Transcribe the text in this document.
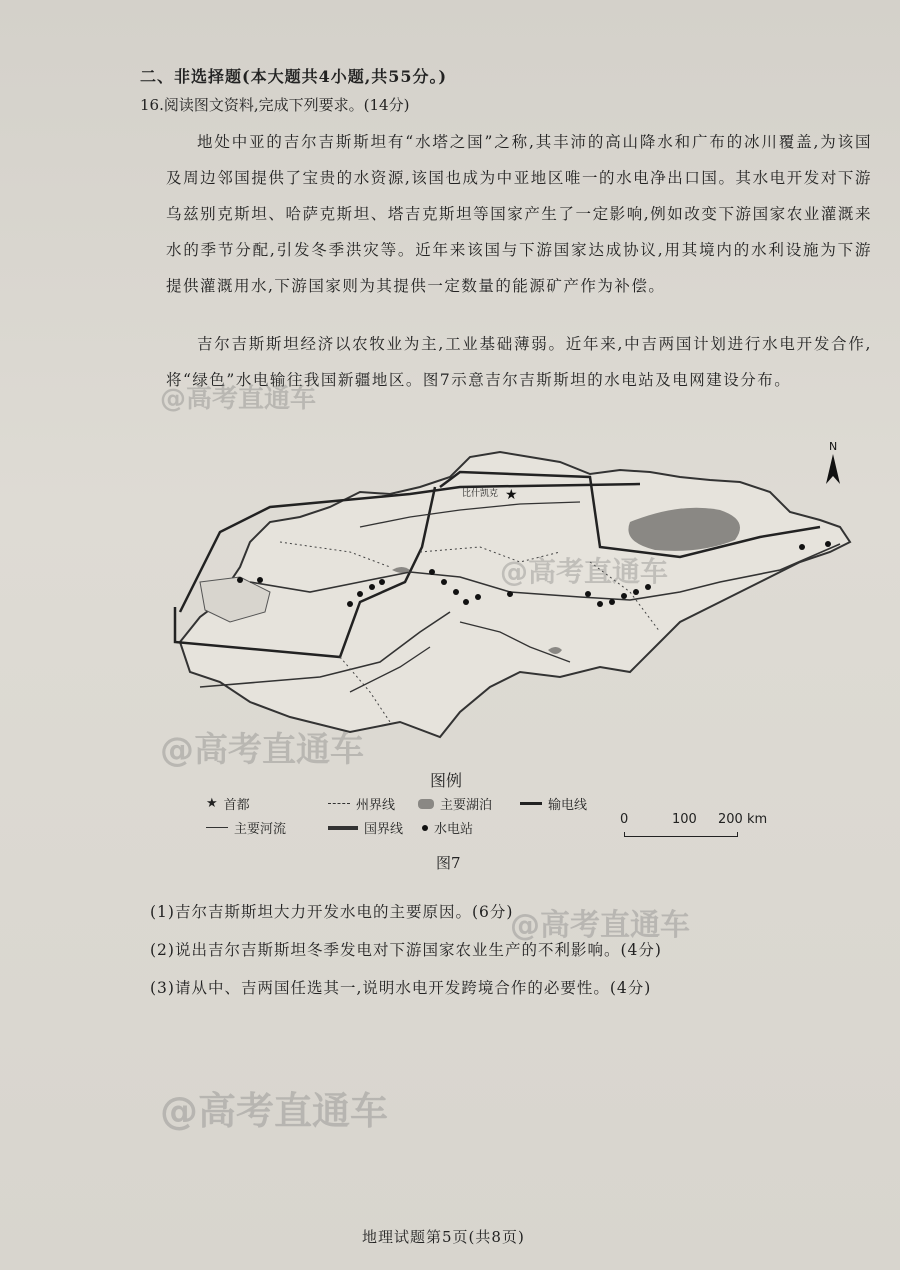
二、非选择题(本大题共4小题,共55分。)
16.阅读图文资料,完成下列要求。(14分)
地处中亚的吉尔吉斯斯坦有“水塔之国”之称,其丰沛的高山降水和广布的冰川覆盖,为该国及周边邻国提供了宝贵的水资源,该国也成为中亚地区唯一的水电净出口国。其水电开发对下游乌兹别克斯坦、哈萨克斯坦、塔吉克斯坦等国家产生了一定影响,例如改变下游国家农业灌溉来水的季节分配,引发冬季洪灾等。近年来该国与下游国家达成协议,用其境内的水利设施为下游提供灌溉用水,下游国家则为其提供一定数量的能源矿产作为补偿。
吉尔吉斯斯坦经济以农牧业为主,工业基础薄弱。近年来,中吉两国计划进行水电开发合作,将“绿色”水电输往我国新疆地区。图7示意吉尔吉斯斯坦的水电站及电网建设分布。
★
比什凯克
N
图例
★ 首都	州界线	主要湖泊	输电线
主要河流	国界线 水电站
0	100 200 km
图7
(1)吉尔吉斯斯坦大力开发水电的主要原因。(6分)
(2)说出吉尔吉斯斯坦冬季发电对下游国家农业生产的不利影响。(4分)
(3)请从中、吉两国任选其一,说明水电开发跨境合作的必要性。(4分)
地理试题第5页(共8页)
@高考直通车
@高考直通车
@高考直通车
@高考直通车
@高考直通车
